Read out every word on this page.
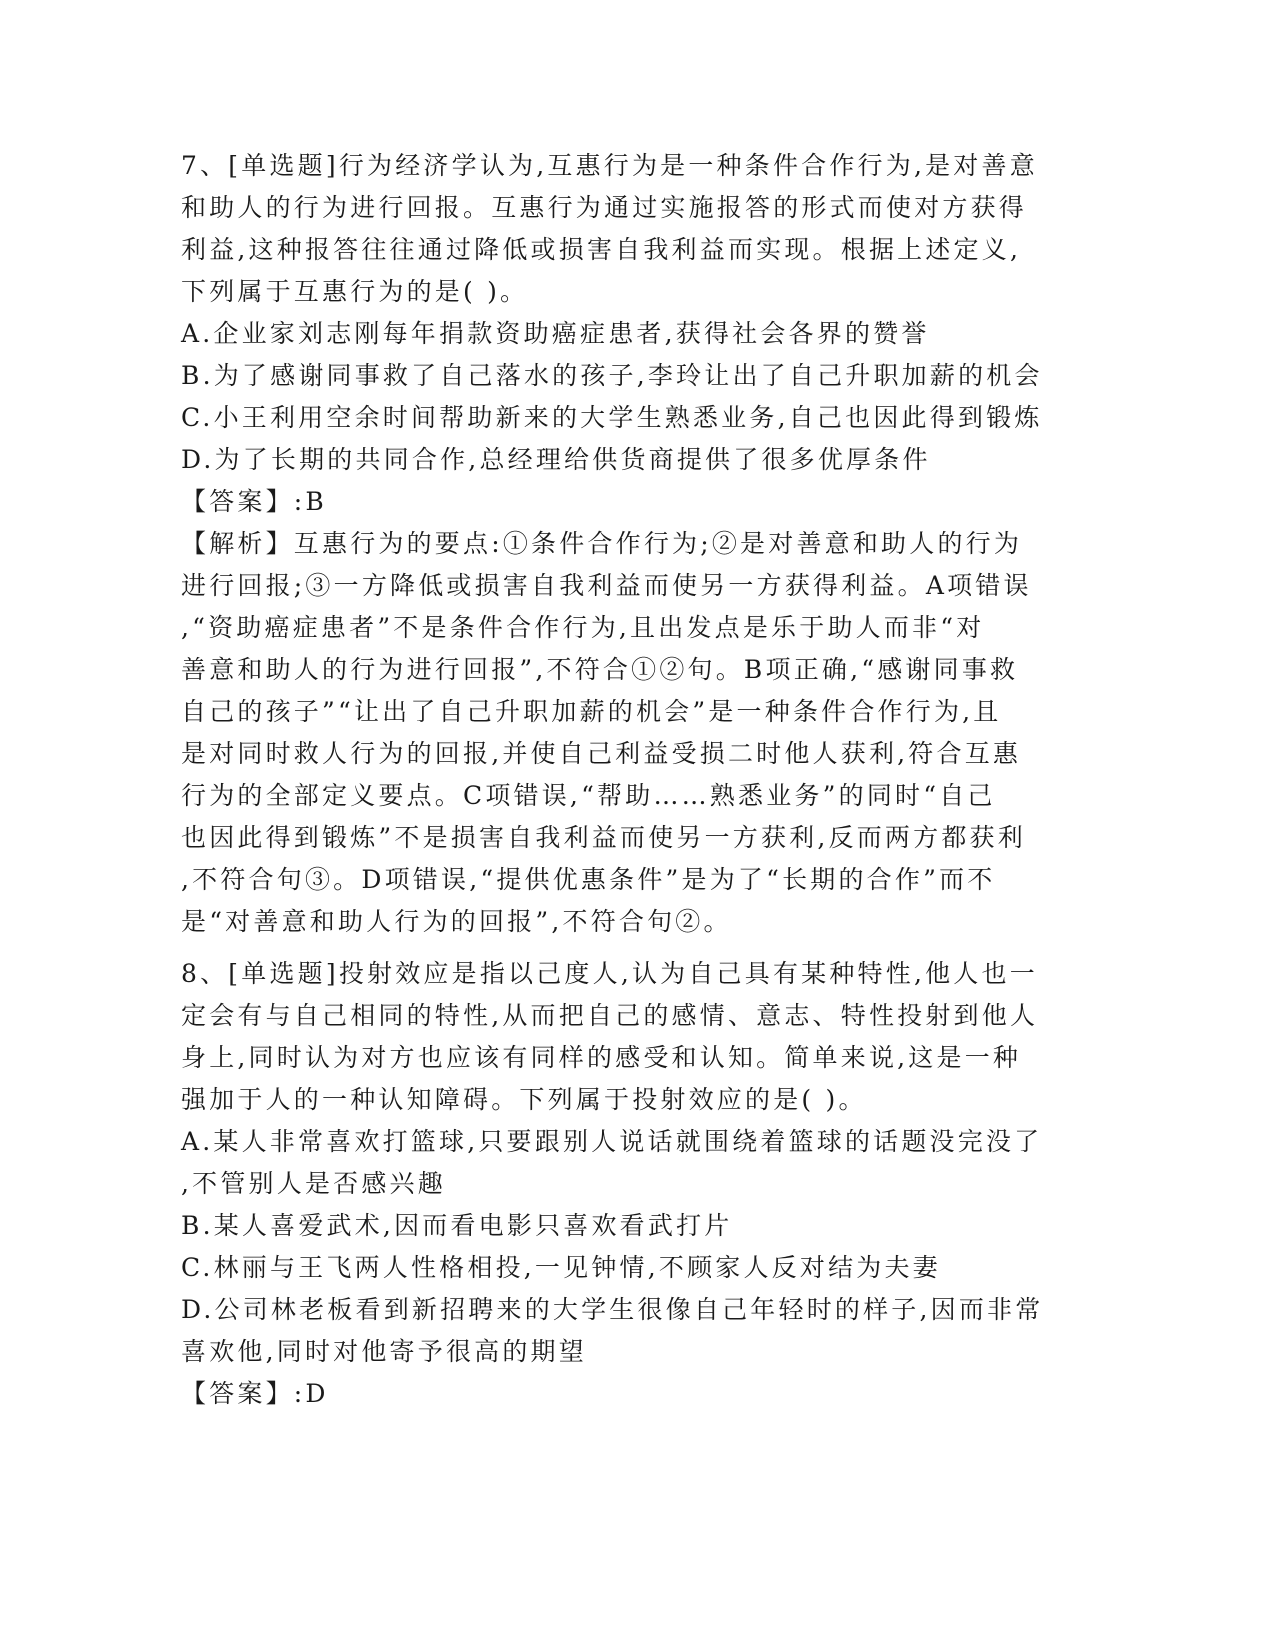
7、[单选题]行为经济学认为,互惠行为是一种条件合作行为,是对善意
和助人的行为进行回报。互惠行为通过实施报答的形式而使对方获得
利益,这种报答往往通过降低或损害自我利益而实现。根据上述定义,
下列属于互惠行为的是( )。
A.企业家刘志刚每年捐款资助癌症患者,获得社会各界的赞誉
B.为了感谢同事救了自己落水的孩子,李玲让出了自己升职加薪的机会
C.小王利用空余时间帮助新来的大学生熟悉业务,自己也因此得到锻炼
D.为了长期的共同合作,总经理给供货商提供了很多优厚条件
【答案】:B
【解析】互惠行为的要点:①条件合作行为;②是对善意和助人的行为
进行回报;③一方降低或损害自我利益而使另一方获得利益。A项错误
,“资助癌症患者”不是条件合作行为,且出发点是乐于助人而非“对
善意和助人的行为进行回报”,不符合①②句。B项正确,“感谢同事救
自己的孩子”“让出了自己升职加薪的机会”是一种条件合作行为,且
是对同时救人行为的回报,并使自己利益受损二时他人获利,符合互惠
行为的全部定义要点。C项错误,“帮助……熟悉业务”的同时“自己
也因此得到锻炼”不是损害自我利益而使另一方获利,反而两方都获利
,不符合句③。D项错误,“提供优惠条件”是为了“长期的合作”而不
是“对善意和助人行为的回报”,不符合句②。
8、[单选题]投射效应是指以己度人,认为自己具有某种特性,他人也一
定会有与自己相同的特性,从而把自己的感情、意志、特性投射到他人
身上,同时认为对方也应该有同样的感受和认知。简单来说,这是一种
强加于人的一种认知障碍。下列属于投射效应的是( )。
A.某人非常喜欢打篮球,只要跟别人说话就围绕着篮球的话题没完没了
,不管别人是否感兴趣
B.某人喜爱武术,因而看电影只喜欢看武打片
C.林丽与王飞两人性格相投,一见钟情,不顾家人反对结为夫妻
D.公司林老板看到新招聘来的大学生很像自己年轻时的样子,因而非常
喜欢他,同时对他寄予很高的期望
【答案】:D
